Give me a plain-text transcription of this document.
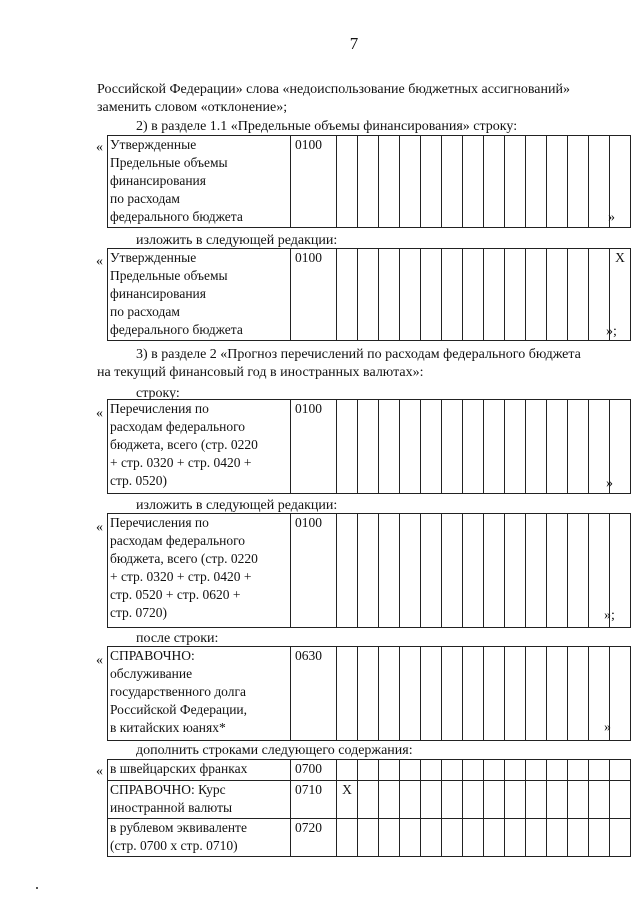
7
Российской Федерации» слова «недоиспользование бюджетных ассигнований»
заменить словом «отклонение»;
2) в разделе 1.1 «Предельные объемы финансирования» строку:
« Утвержденные
Предельные объемы
финансирования
по расходам
федерального бюджета
	0100														
»
изложить в следующей редакции:
« Утвержденные
Предельные объемы
финансирования
по расходам
федерального бюджета
	0100														Х
»;
3) в разделе 2 «Прогноз перечислений по расходам федерального бюджета
на текущий финансовый год в иностранных валютах»:
строку:
« Перечисления по
расходам федерального
бюджета, всего (стр. 0220
+ стр. 0320 + стр. 0420 +
стр. 0520)
	0100														
»
изложить в следующей редакции:
« Перечисления по
расходам федерального
бюджета, всего (стр. 0220
+ стр. 0320 + стр. 0420 +
стр. 0520 + стр. 0620 +
стр. 0720)
	0100														
»;
после строки:
« СПРАВОЧНО:
обслуживание
государственного долга
Российской Федерации,
в китайских юанях*
	0630														
»
дополнить строками следующего содержания:
« в швейцарских франках	0700														

СПРАВОЧНО: Курс
иностранной валюты	0710	Х													

в рублевом эквиваленте
(стр. 0700 х стр. 0710)	0720														
